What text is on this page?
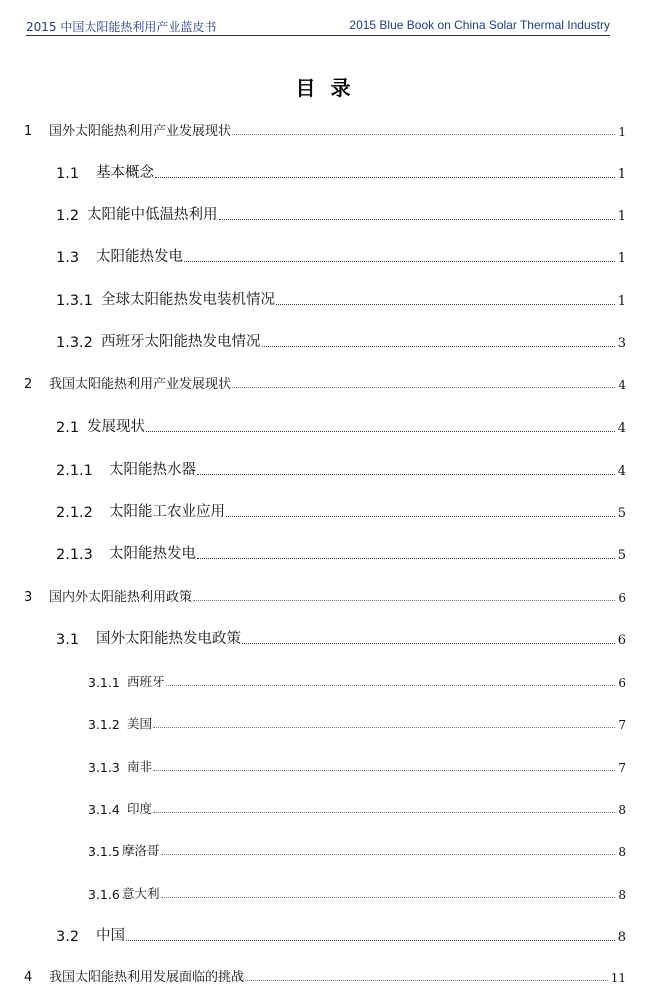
2015 中国太阳能热利用产业蓝皮书	2015 Blue Book on China Solar Thermal Industry
目 录
1	国外太阳能热利用产业发展现状	1
1.1	基本概念	1
1.2 太阳能中低温热利用	1
1.3	太阳能热发电	1
1.3.1 全球太阳能热发电装机情况	1
1.3.2 西班牙太阳能热发电情况	3
2	我国太阳能热利用产业发展现状	4
2.1 发展现状	4
2.1.1	太阳能热水器	4
2.1.2	太阳能工农业应用	5
2.1.3	太阳能热发电	5
3	国内外太阳能热利用政策	6
3.1	国外太阳能热发电政策	6
3.1.1 西班牙	6
3.1.2 美国	7
3.1.3 南非	7
3.1.4 印度	8
3.1.5 摩洛哥	8
3.1.6 意大利	8
3.2	中国	8
4	我国太阳能热利用发展面临的挑战	11
